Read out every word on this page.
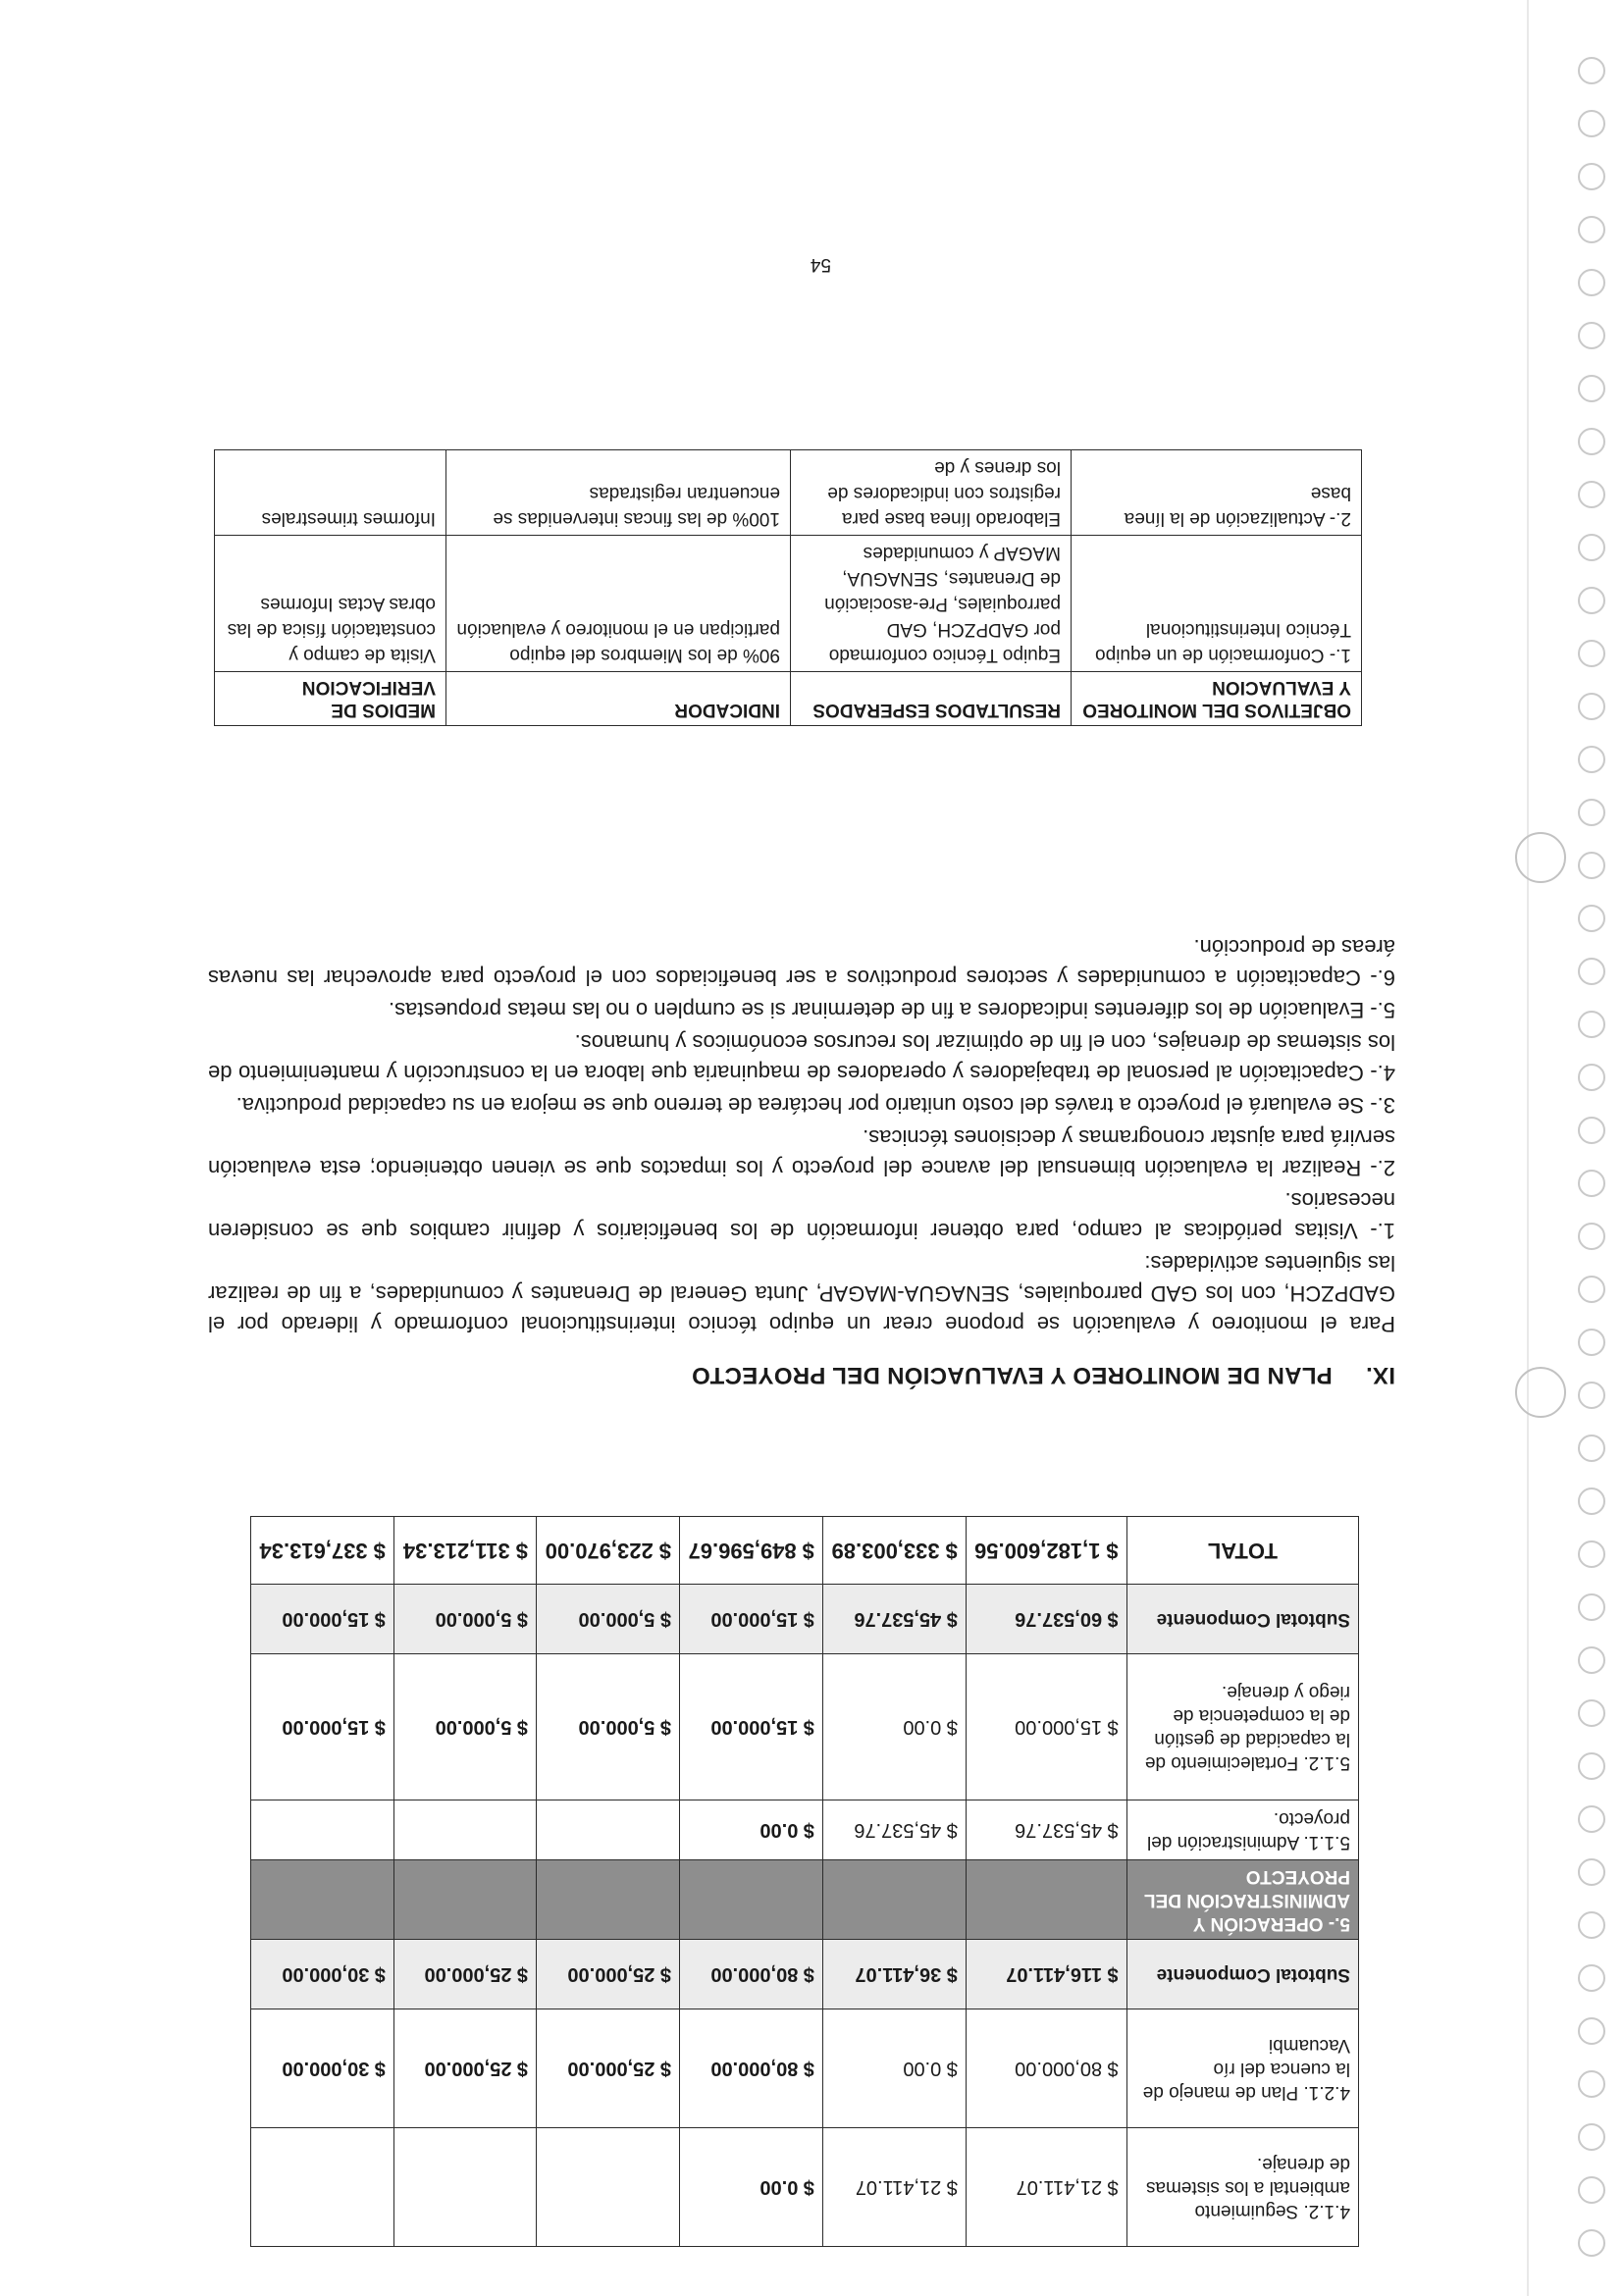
4.1.2. Seguimiento ambiental a los sistemas de drenaje.	$ 21,411.07	$ 21,411.07	$ 0.00			
4.2.1. Plan de manejo de la cuenca del río Vacuambi	$ 80,000.00	$ 0.00	$ 80,000.00	$ 25,000.00	$ 25,000.00	$ 30,000.00
Subtotal Componente	$ 116,411.07	$ 36,411.07	$ 80,000.00	$ 25,000.00	$ 25,000.00	$ 30,000.00
5.- OPERACIÓN Y ADMINISTRACIÓN DEL PROYECTO						
5.1.1. Administración del proyecto.	$ 45,537.76	$ 45,537.76	$ 0.00			
5.1.2. Fortalecimiento de la capacidad de gestión de la competencia de riego y drenaje.	$ 15,000.00	$ 0.00	$ 15,000.00	$ 5,000.00	$ 5,000.00	$ 15,000.00
Subtotal Componente	$ 60,537.76	$ 45,537.76	$ 15,000.00	$ 5,000.00	$ 5,000.00	$ 15,000.00
TOTAL	$ 1,182,600.56	$ 333,003.89	$ 849,596.67	$ 223,970.00	$ 311,213.34	$ 337,613.34
IX.PLAN DE MONITOREO Y EVALUACIÓN DEL PROYECTO

Para el monitoreo y evaluación se propone crear un equipo técnico interinstitucional conformado y liderado por el GADPZCH, con los GAD parroquiales, SENAGUA-MAGAP, Junta General de Drenantes y comunidades, a fin de realizar las siguientes actividades:

1.- Visitas periódicas al campo, para obtener información de los beneficiarios y definir cambios que se consideren necesarios.

2.- Realizar la evaluación bimensual del avance del proyecto y los impactos que se vienen obteniendo; esta evaluación servirá para ajustar cronogramas y decisiones técnicas.

3.- Se evaluará el proyecto a través del costo unitario por hectárea de terreno que se mejora en su capacidad productiva.

4.- Capacitación al personal de trabajadores y operadores de maquinaria que labora en la construcción y mantenimiento de los sistemas de drenajes, con el fin de optimizar los recursos económicos y humanos.

5.- Evaluación de los diferentes indicadores a fin de determinar si se cumplen o no las metas propuestas.

6.- Capacitación a comunidades y sectores productivos a ser beneficiados con el proyecto para aprovechar las nuevas áreas de producción.

OBJETIVOS DEL MONITOREO Y EVALUACION	RESULTADOS ESPERADOS	INDICADOR	MEDIOS DE VERIFICACION
1.- Conformación de un equipo Técnico Interinstitucional	Equipo Técnico conformado por GADPZCH, GAD parroquiales, Pre-asociación de Drenantes, SENAGUA, MAGAP y comunidades	90% de los Miembros del equipo participan en el monitoreo y evaluación	Visita de campo y constatación física de las obras Actas Informes
2.- Actualización de la línea base	Elaborado línea base para registros con indicadores de los drenes y de	100% de las fincas intervenidas se encuentran registradas	Informes trimestrales

54
